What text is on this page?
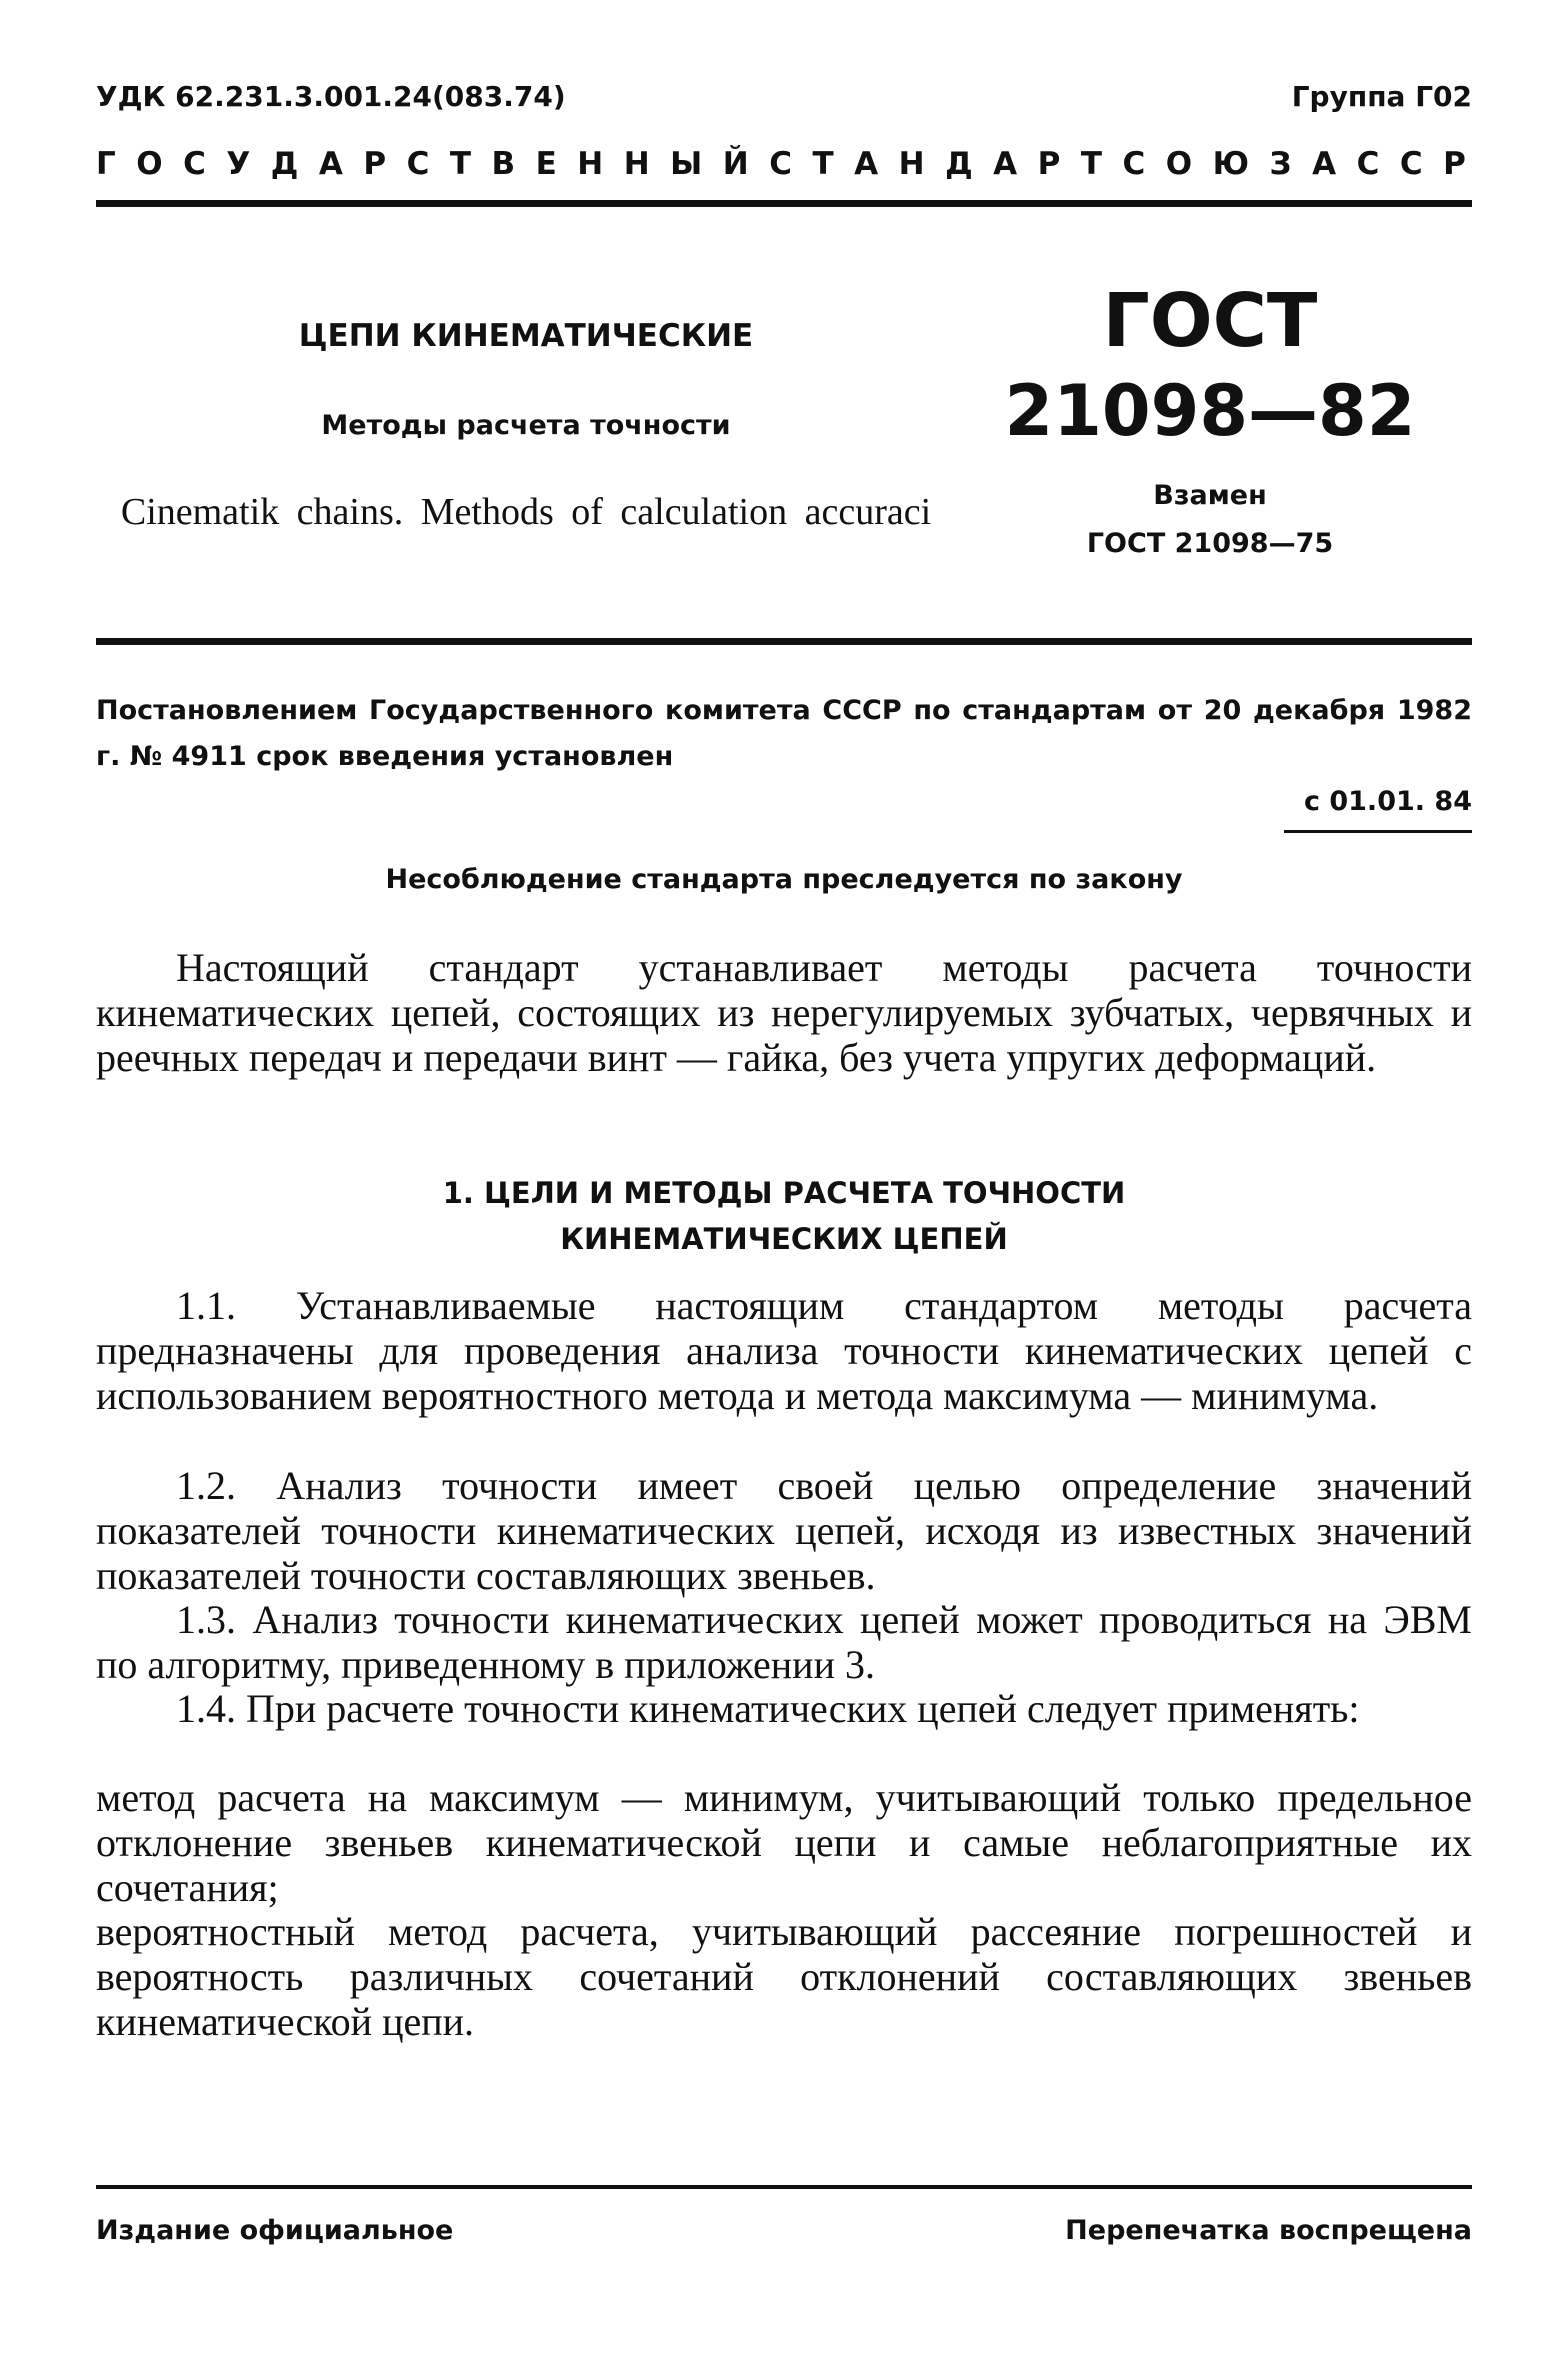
УДК 62.231.3.001.24(083.74)	Группа Г02
ГОСУДАРСТВЕННЫЙ СТАНДАРТ СОЮЗА ССР
ЦЕПИ КИНЕМАТИЧЕСКИЕ
Методы расчета точности
Cinematik chains. Methods of calculation accuraci
ГОСТ
21098—82
Взамен
ГОСТ 21098—75
Постановлением Государственного комитета СССР по стандартам от 20 декабря 1982 г. № 4911 срок введения установлен
с 01.01. 84
Несоблюдение стандарта преследуется по закону

Настоящий стандарт устанавливает методы расчета точности кинематических цепей, состоящих из нерегулируемых зубчатых, червячных и реечных передач и передачи винт — гайка, без учета упругих деформаций.

1. ЦЕЛИ И МЕТОДЫ РАСЧЕТА ТОЧНОСТИ
КИНЕМАТИЧЕСКИХ ЦЕПЕЙ

1.1. Устанавливаемые настоящим стандартом методы расчета предназначены для проведения анализа точности кинематических цепей с использованием вероятностного метода и метода максимума — минимума.

1.2. Анализ точности имеет своей целью определение значений показателей точности кинематических цепей, исходя из известных значений показателей точности составляющих звеньев.

1.3. Анализ точности кинематических цепей может проводиться на ЭВМ по алгоритму, приведенному в приложении 3.

1.4. При расчете точности кинематических цепей следует применять:

метод расчета на максимум — минимум, учитывающий только предельное отклонение звеньев кинематической цепи и самые неблагоприятные их сочетания;

вероятностный метод расчета, учитывающий рассеяние погрешностей и вероятность различных сочетаний отклонений составляющих звеньев кинематической цепи.

Издание официальное	Перепечатка воспрещена
